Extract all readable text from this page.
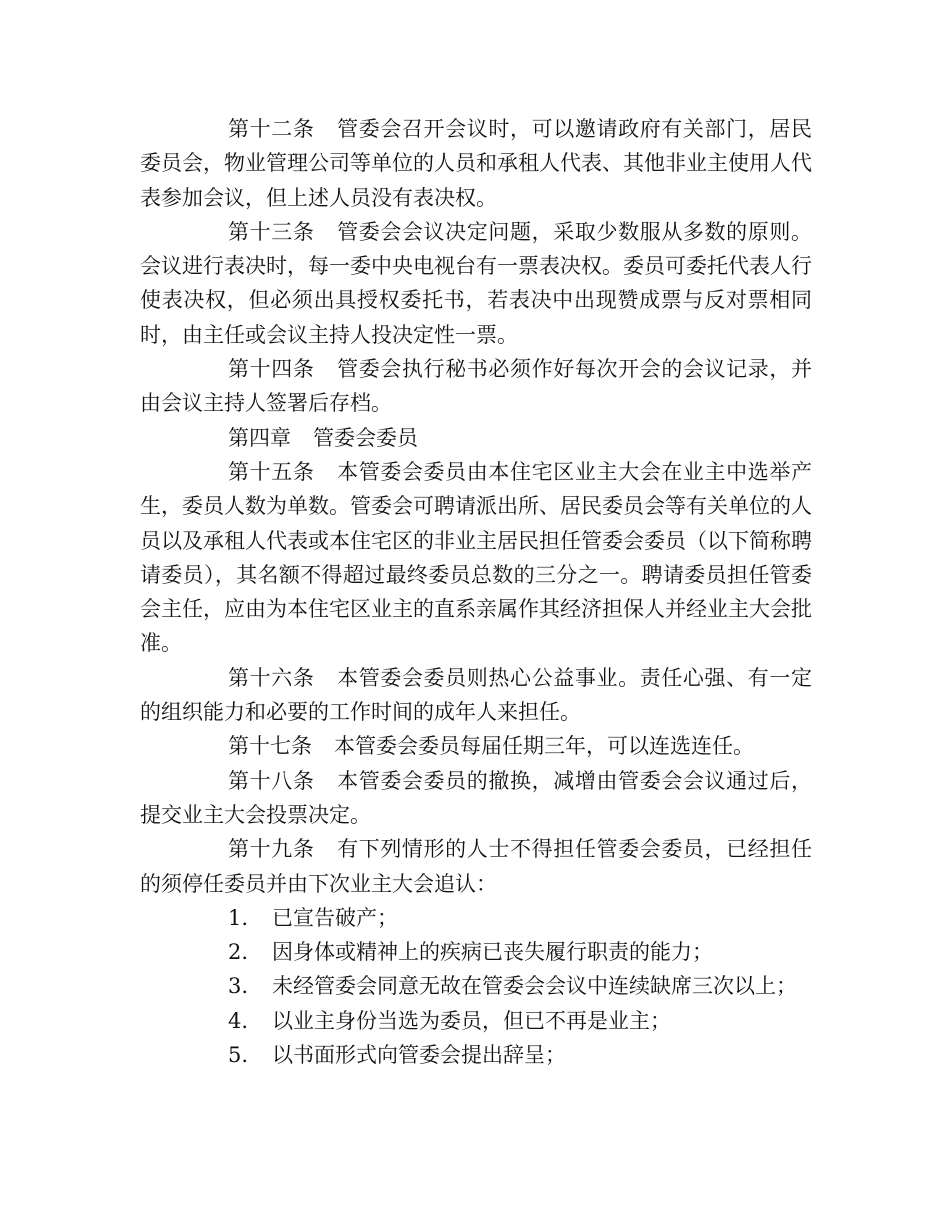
第十二条 管委会召开会议时，可以邀请政府有关部门，居民委员会，物业管理公司等单位的人员和承租人代表、其他非业主使用人代表参加会议，但上述人员没有表决权。

第十三条 管委会会议决定问题，采取少数服从多数的原则。会议进行表决时，每一委中央电视台有一票表决权。委员可委托代表人行使表决权，但必须出具授权委托书，若表决中出现赞成票与反对票相同时，由主任或会议主持人投决定性一票。

第十四条 管委会执行秘书必须作好每次开会的会议记录，并由会议主持人签署后存档。

第四章 管委会委员

第十五条 本管委会委员由本住宅区业主大会在业主中选举产生，委员人数为单数。管委会可聘请派出所、居民委员会等有关单位的人员以及承租人代表或本住宅区的非业主居民担任管委会委员（以下简称聘请委员），其名额不得超过最终委员总数的三分之一。聘请委员担任管委会主任，应由为本住宅区业主的直系亲属作其经济担保人并经业主大会批准。

第十六条 本管委会委员则热心公益事业。责任心强、有一定的组织能力和必要的工作时间的成年人来担任。

第十七条 本管委会委员每届任期三年，可以连选连任。

第十八条 本管委会委员的撤换，减增由管委会会议通过后，提交业主大会投票决定。

第十九条 有下列情形的人士不得担任管委会委员，已经担任的须停任委员并由下次业主大会追认：

1. 已宣告破产；

2. 因身体或精神上的疾病已丧失履行职责的能力；

3. 未经管委会同意无故在管委会会议中连续缺席三次以上；

4. 以业主身份当选为委员，但已不再是业主；

5. 以书面形式向管委会提出辞呈；
